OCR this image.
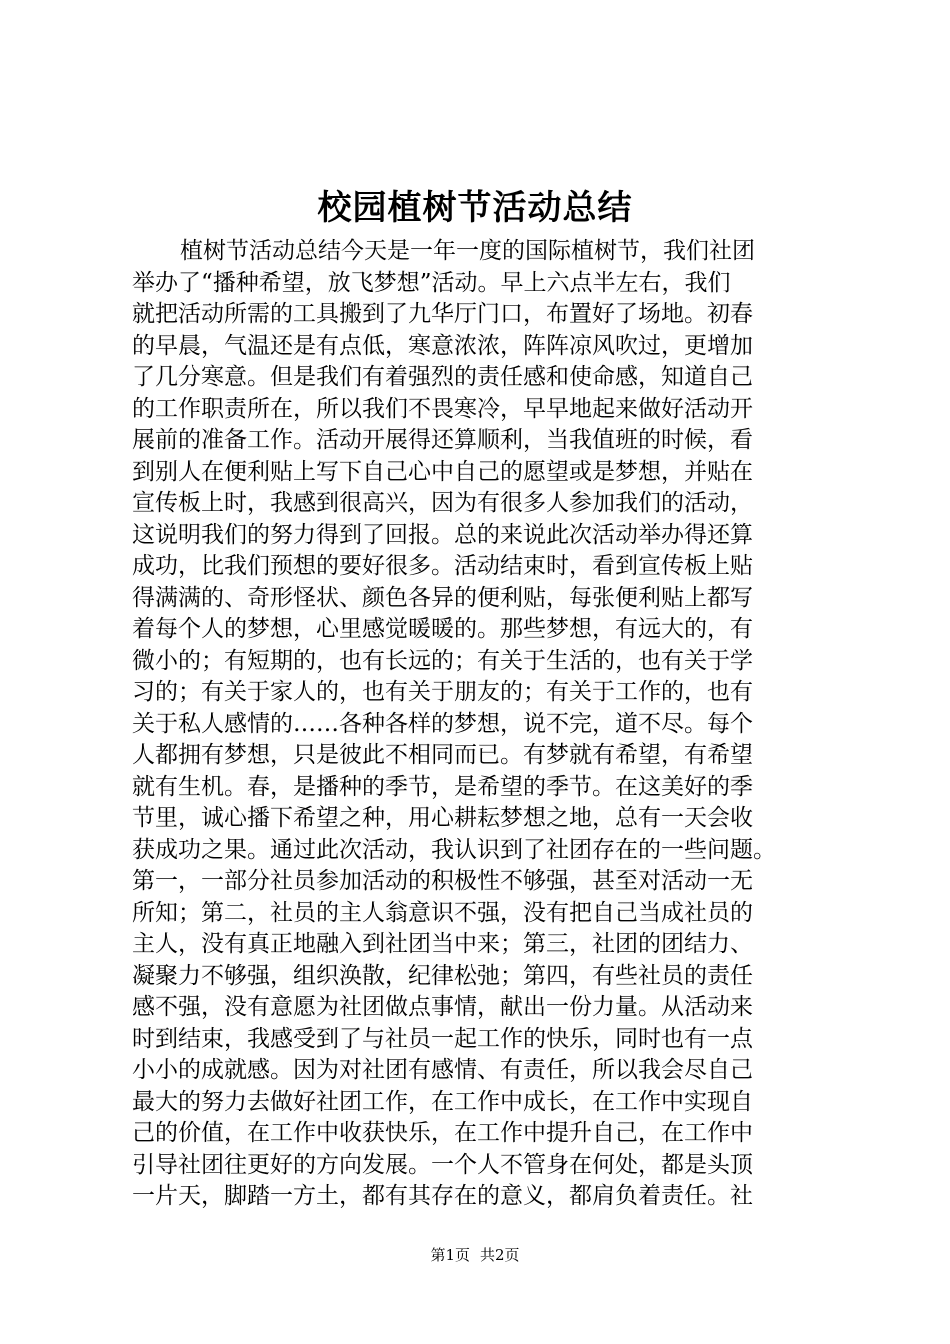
校园植树节活动总结
植树节活动总结今天是一年一度的国际植树节，我们社团
举办了“播种希望，放飞梦想”活动。早上六点半左右，我们
就把活动所需的工具搬到了九华厅门口，布置好了场地。初春
的早晨，气温还是有点低，寒意浓浓，阵阵凉风吹过，更增加
了几分寒意。但是我们有着强烈的责任感和使命感，知道自己
的工作职责所在，所以我们不畏寒冷，早早地起来做好活动开
展前的准备工作。活动开展得还算顺利，当我值班的时候，看
到别人在便利贴上写下自己心中自己的愿望或是梦想，并贴在
宣传板上时，我感到很高兴，因为有很多人参加我们的活动，
这说明我们的努力得到了回报。总的来说此次活动举办得还算
成功，比我们预想的要好很多。活动结束时，看到宣传板上贴
得满满的、奇形怪状、颜色各异的便利贴，每张便利贴上都写
着每个人的梦想，心里感觉暖暖的。那些梦想，有远大的，有
微小的；有短期的，也有长远的；有关于生活的，也有关于学
习的；有关于家人的，也有关于朋友的；有关于工作的，也有
关于私人感情的……各种各样的梦想，说不完，道不尽。每个
人都拥有梦想，只是彼此不相同而已。有梦就有希望，有希望
就有生机。春，是播种的季节，是希望的季节。在这美好的季
节里，诚心播下希望之种，用心耕耘梦想之地，总有一天会收
获成功之果。通过此次活动，我认识到了社团存在的一些问题。
第一，一部分社员参加活动的积极性不够强，甚至对活动一无
所知；第二，社员的主人翁意识不强，没有把自己当成社员的
主人，没有真正地融入到社团当中来；第三，社团的团结力、
凝聚力不够强，组织涣散，纪律松弛；第四，有些社员的责任
感不强，没有意愿为社团做点事情，献出一份力量。从活动来
时到结束，我感受到了与社员一起工作的快乐，同时也有一点
小小的成就感。因为对社团有感情、有责任，所以我会尽自己
最大的努力去做好社团工作，在工作中成长，在工作中实现自
己的价值，在工作中收获快乐，在工作中提升自己，在工作中
引导社团往更好的方向发展。一个人不管身在何处，都是头顶
一片天，脚踏一方土，都有其存在的意义，都肩负着责任。社
第1页 共2页
